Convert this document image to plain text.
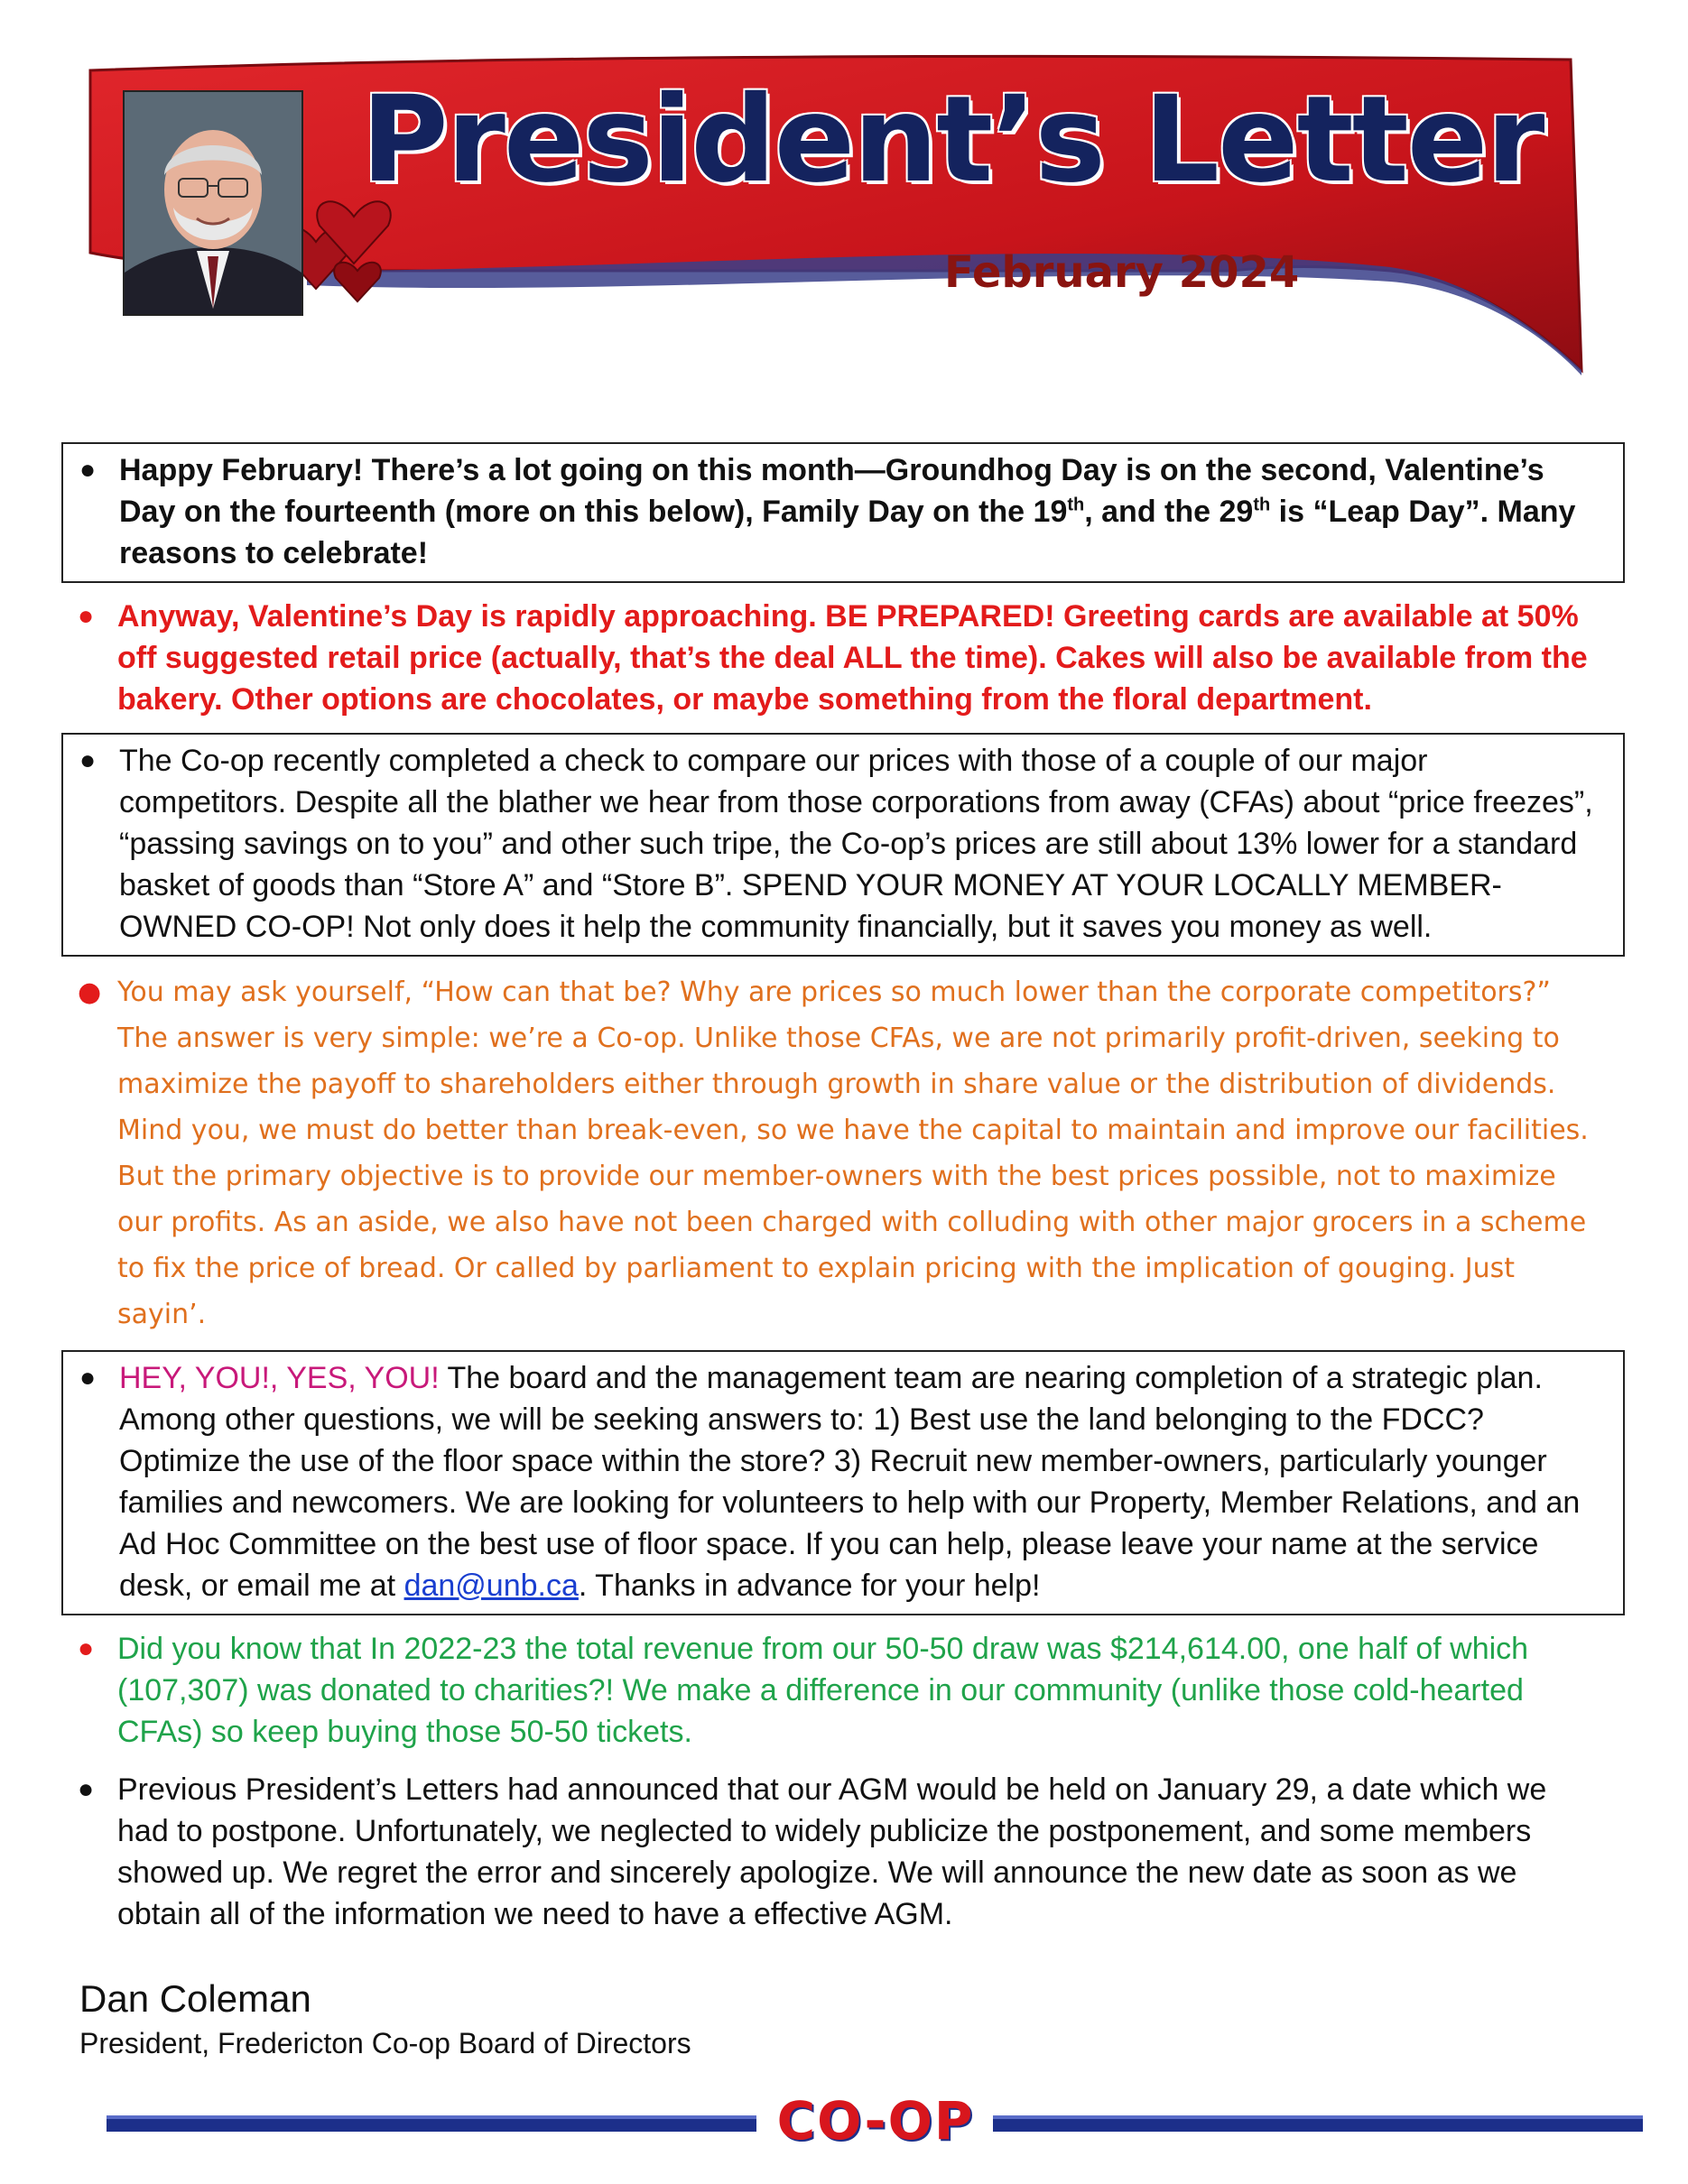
President’s Letter
February 2024
● Happy February! There’s a lot going on this month—Groundhog Day is on the second, Valentine’s Day on the fourteenth (more on this below), Family Day on the 19th, and the 29th is “Leap Day”. Many reasons to celebrate!
● Anyway, Valentine’s Day is rapidly approaching. BE PREPARED! Greeting cards are available at 50% off suggested retail price (actually, that’s the deal ALL the time). Cakes will also be available from the bakery. Other options are chocolates, or maybe something from the floral department.
● The Co-op recently completed a check to compare our prices with those of a couple of our major competitors. Despite all the blather we hear from those corporations from away (CFAs) about “price freezes”, “passing savings on to you” and other such tripe, the Co-op’s prices are still about 13% lower for a standard basket of goods than “Store A” and “Store B”. SPEND YOUR MONEY AT YOUR LOCALLY MEMBER-OWNED CO-OP! Not only does it help the community financially, but it saves you money as well.
● You may ask yourself, “How can that be? Why are prices so much lower than the corporate competitors?” The answer is very simple: we’re a Co-op. Unlike those CFAs, we are not primarily profit-driven, seeking to maximize the payoff to shareholders either through growth in share value or the distribution of dividends. Mind you, we must do better than break-even, so we have the capital to maintain and improve our facilities. But the primary objective is to provide our member-owners with the best prices possible, not to maximize our profits. As an aside, we also have not been charged with colluding with other major grocers in a scheme to fix the price of bread. Or called by parliament to explain pricing with the implication of gouging. Just sayin’.
● HEY, YOU!, YES, YOU! The board and the management team are nearing completion of a strategic plan. Among other questions, we will be seeking answers to: 1) Best use the land belonging to the FDCC? Optimize the use of the floor space within the store? 3) Recruit new member-owners, particularly younger families and newcomers. We are looking for volunteers to help with our Property, Member Relations, and an Ad Hoc Committee on the best use of floor space. If you can help, please leave your name at the service desk, or email me at dan@unb.ca. Thanks in advance for your help!
● Did you know that In 2022-23 the total revenue from our 50-50 draw was $214,614.00, one half of which (107,307) was donated to charities?! We make a difference in our community (unlike those cold-hearted CFAs) so keep buying those 50-50 tickets.
● Previous President’s Letters had announced that our AGM would be held on January 29, a date which we had to postpone. Unfortunately, we neglected to widely publicize the postponement, and some members showed up. We regret the error and sincerely apologize. We will announce the new date as soon as we obtain all of the information we need to have a effective AGM.
Dan Coleman
President, Fredericton Co-op Board of Directors
CO-OP
